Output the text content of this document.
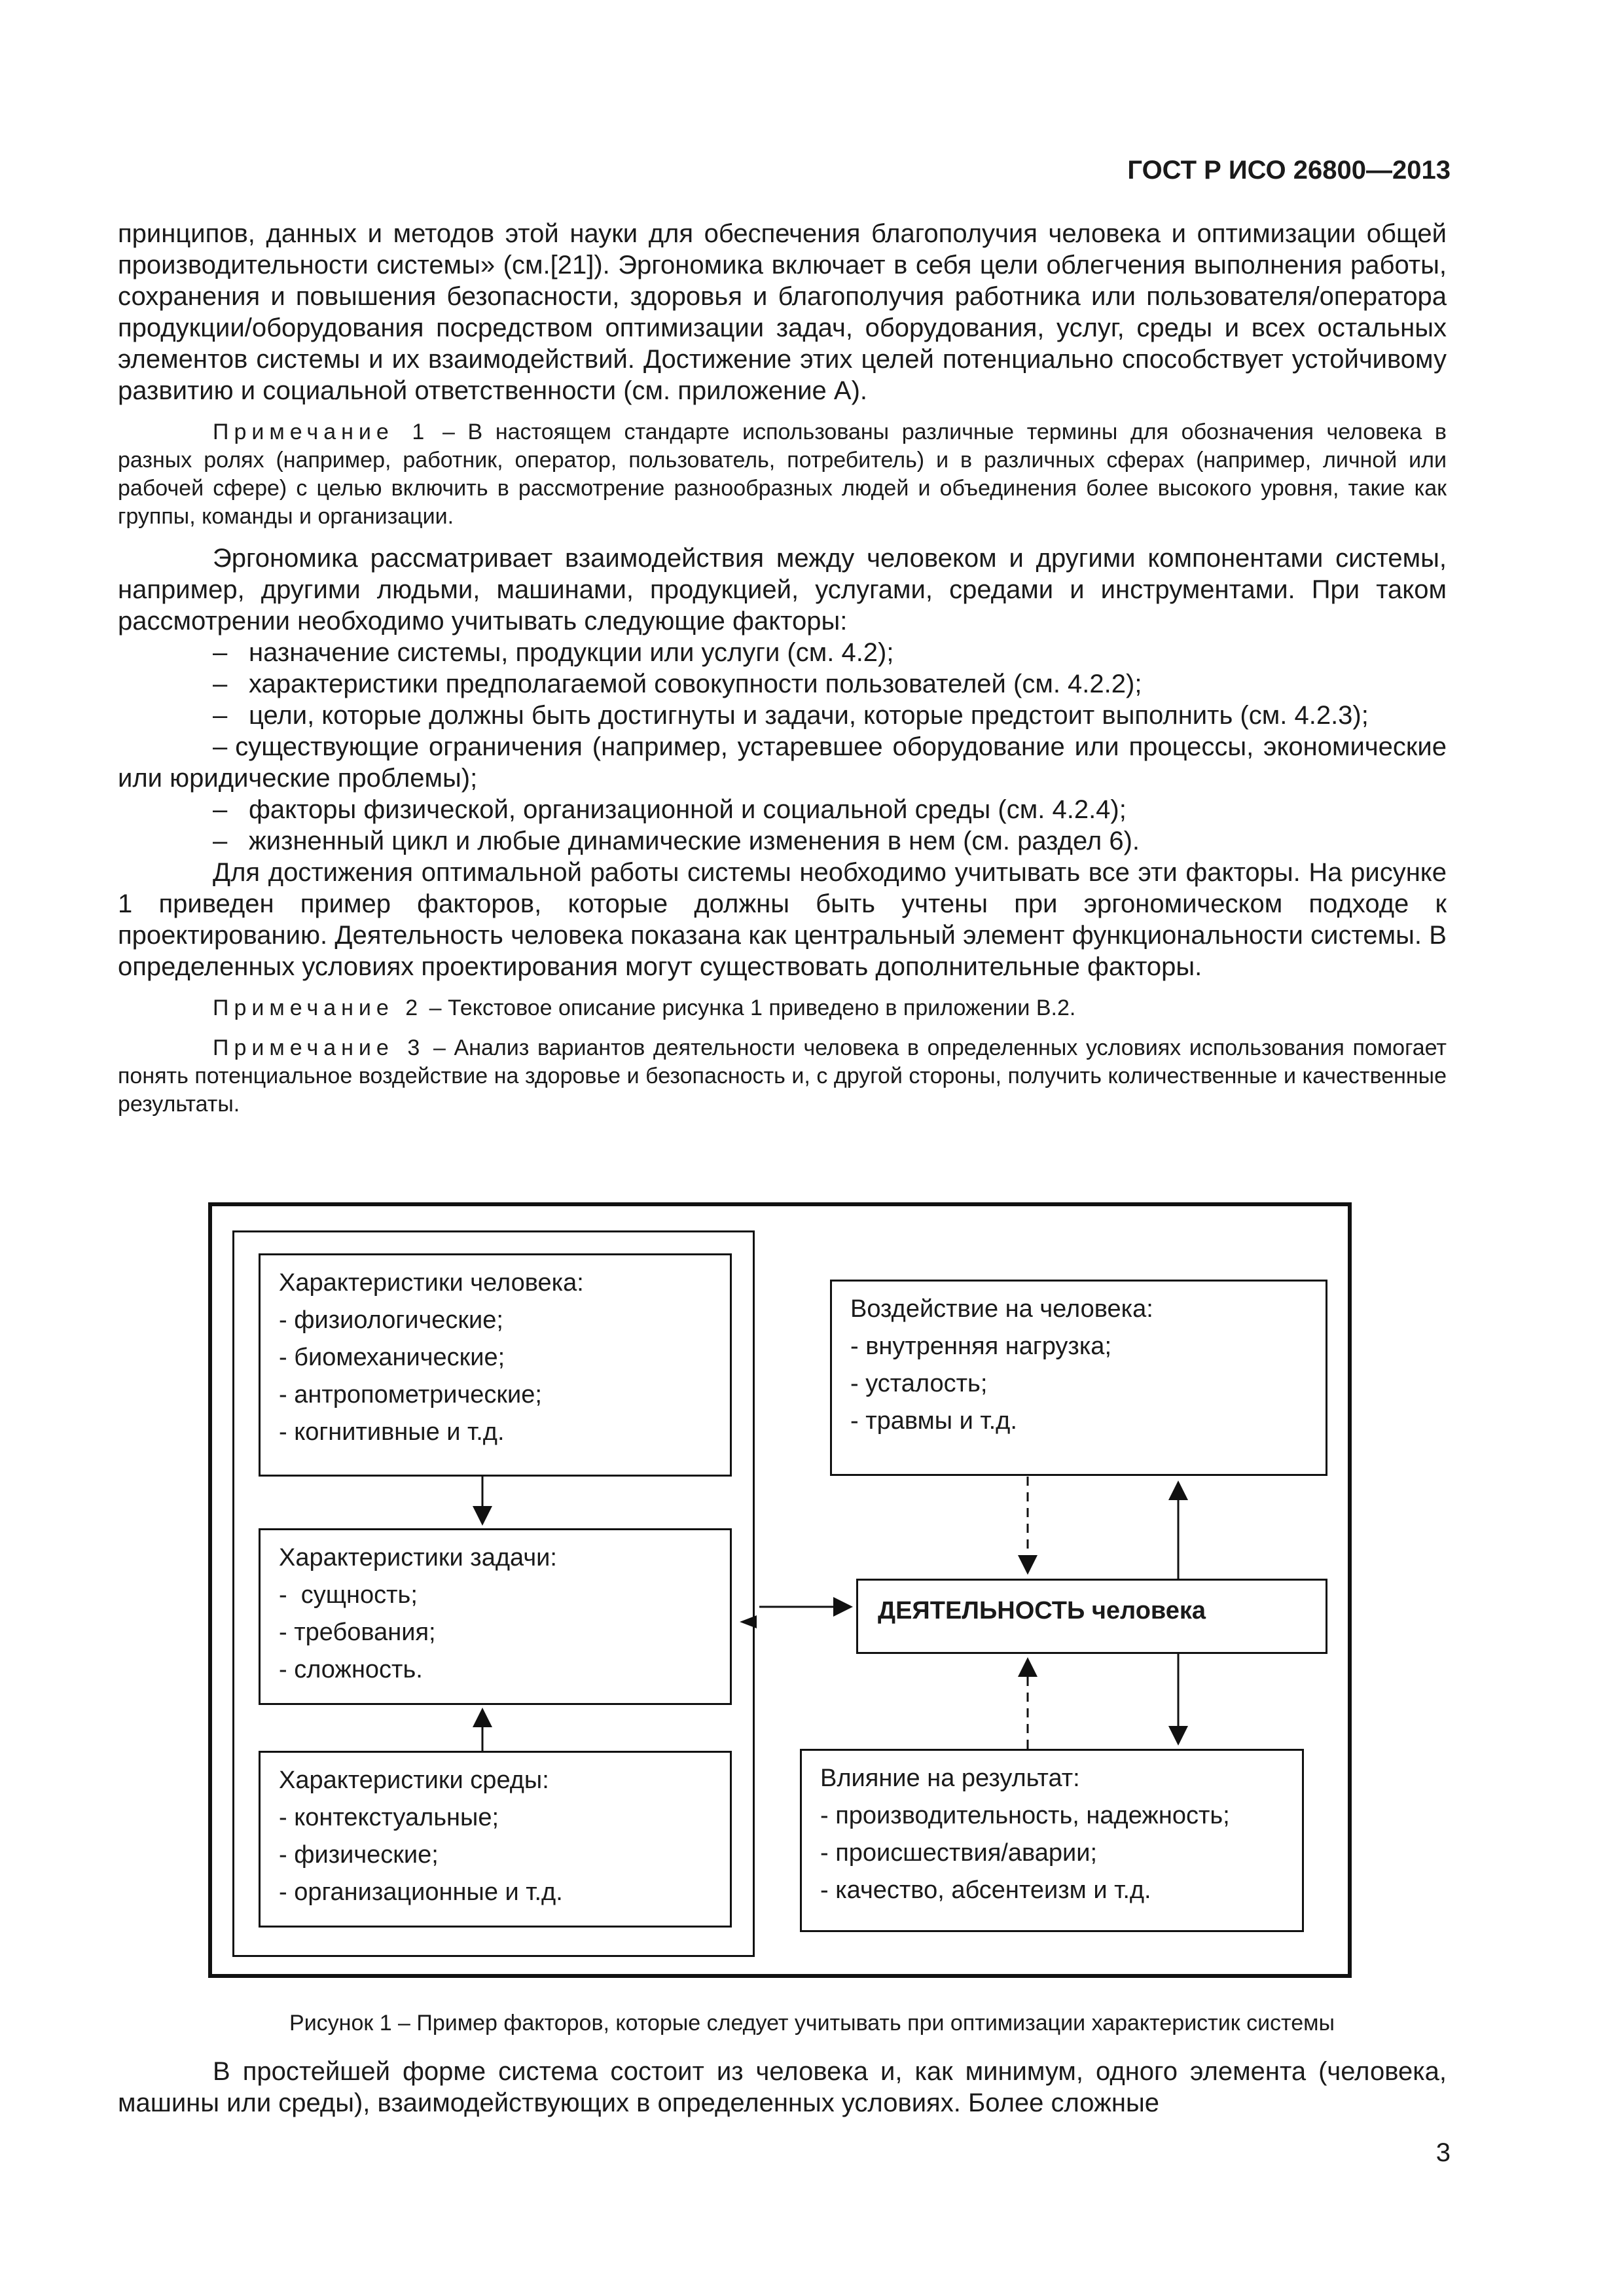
ГОСТ Р ИСО 26800—2013

принципов, данных и методов этой науки для обеспечения благополучия человека и оптимизации общей производительности системы» (см.[21]). Эргономика включает в себя цели облегчения выполнения работы, сохранения и повышения безопасности, здоровья и благополучия работника или пользователя/оператора продукции/оборудования посредством оптимизации задач, оборудования, услуг, среды и всех остальных элементов системы и их взаимодействий. Достижение этих целей потенциально способствует устойчивому развитию и социальной ответственности (см. приложение А).

Примечание 1 – В настоящем стандарте использованы различные термины для обозначения человека в разных ролях (например, работник, оператор, пользователь, потребитель) и в различных сферах (например, личной или рабочей сфере) с целью включить в рассмотрение разнообразных людей и объединения более высокого уровня, такие как группы, команды и организации.

Эргономика рассматривает взаимодействия между человеком и другими компонентами системы, например, другими людьми, машинами, продукцией, услугами, средами и инструментами. При таком рассмотрении необходимо учитывать следующие факторы:

– назначение системы, продукции или услуги (см. 4.2);
– характеристики предполагаемой совокупности пользователей (см. 4.2.2);
– цели, которые должны быть достигнуты и задачи, которые предстоит выполнить (см. 4.2.3);
– существующие ограничения (например, устаревшее оборудование или процессы, экономические или юридические проблемы);
– факторы физической, организационной и социальной среды (см. 4.2.4);
– жизненный цикл и любые динамические изменения в нем (см. раздел 6).

Для достижения оптимальной работы системы необходимо учитывать все эти факторы. На рисунке 1 приведен пример факторов, которые должны быть учтены при эргономическом подходе к проектированию. Деятельность человека показана как центральный элемент функциональности системы. В определенных условиях проектирования могут существовать дополнительные факторы.

Примечание 2 – Текстовое описание рисунка 1 приведено в приложении В.2.
Примечание 3 – Анализ вариантов деятельности человека в определенных условиях использования помогает понять потенциальное воздействие на здоровье и безопасность и, с другой стороны, получить количественные и качественные результаты.
Характеристики человека:
- физиологические;
- биомеханические;
- антропометрические;
- когнитивные и т.д.
Характеристики задачи:
-  сущность;
- требования;
- сложность.
Характеристики среды:
- контекстуальные;
- физические;
- организационные и т.д.
Воздействие на человека:
- внутренняя нагрузка;
- усталость;
- травмы и т.д.
ДЕЯТЕЛЬНОСТЬ человека
Влияние на результат:
- производительность, надежность;
- происшествия/аварии;
- качество, абсентеизм и т.д.
Рисунок 1 – Пример факторов, которые следует учитывать при оптимизации характеристик системы

В простейшей форме система состоит из человека и, как минимум, одного элемента (человека, машины или среды), взаимодействующих в определенных условиях. Более сложные

3
